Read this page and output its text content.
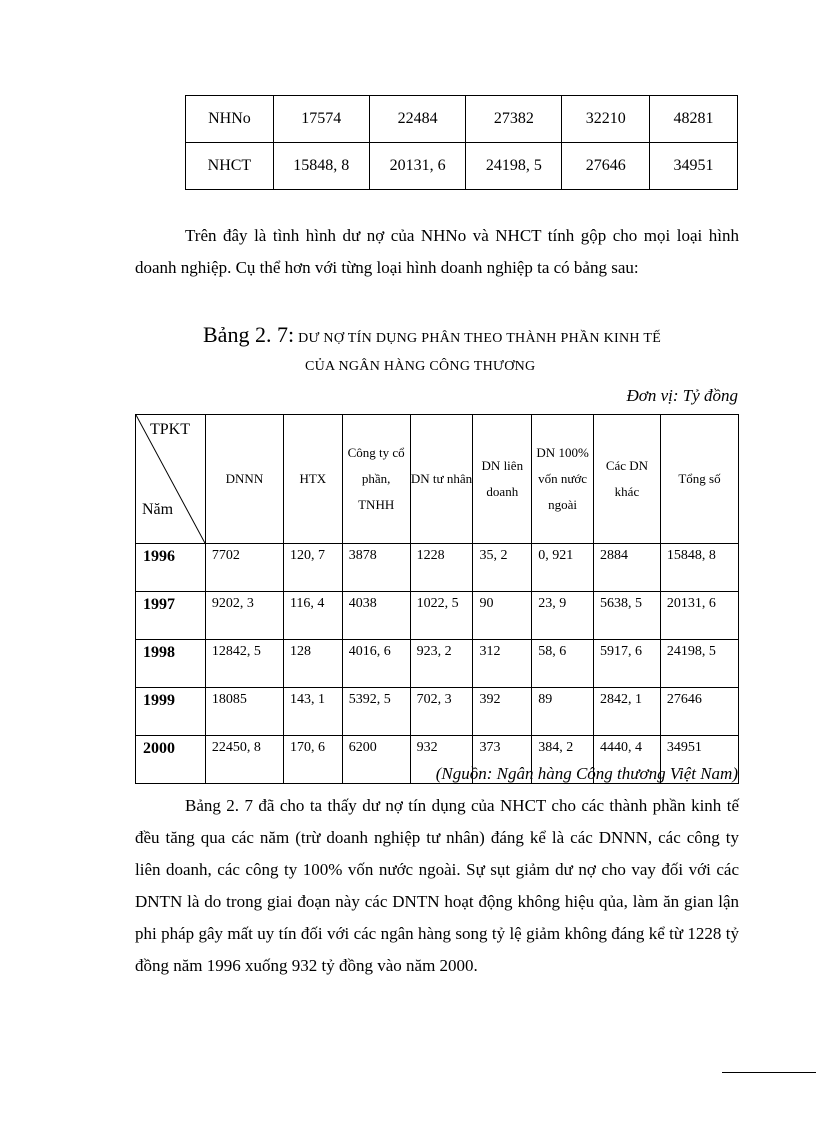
NHNo	17574	22484	27382	32210	48281
NHCT	15848, 8	20131, 6	24198, 5	27646	34951

Trên đây là tình hình dư nợ của NHNo và NHCT tính gộp cho mọi loại hình doanh nghiệp. Cụ thể hơn với từng loại hình doanh nghiệp ta có bảng sau:

Bảng 2. 7: DƯ NỢ TÍN DỤNG PHÂN THEO THÀNH PHẦN KINH TẾ
CỦA NGÂN HÀNG CÔNG THƯƠNG
Đơn vị: Tỷ đồng
TPKT
Năm	DNNN	HTX	Công ty cổ phần, TNHH	DN tư nhân	DN liên doanh	DN 100% vốn nước ngoài	Các DN khác	Tổng số
1996	7702	120, 7	3878	1228	35, 2	0, 921	2884	15848, 8
1997	9202, 3	116, 4	4038	1022, 5	90	23, 9	5638, 5	20131, 6
1998	12842, 5	128	4016, 6	923, 2	312	58, 6	5917, 6	24198, 5
1999	18085	143, 1	5392, 5	702, 3	392	89	2842, 1	27646
2000	22450, 8	170, 6	6200	932	373	384, 2	4440, 4	34951
(Nguồn: Ngân hàng Công thương Việt Nam)

Bảng 2. 7 đã cho ta thấy dư nợ tín dụng của NHCT cho các thành phần kinh tế đều tăng qua các năm (trừ doanh nghiệp tư nhân) đáng kể là các DNNN, các công ty liên doanh, các công ty 100% vốn nước ngoài. Sự sụt giảm dư nợ cho vay đối với các DNTN là do trong giai đoạn này các DNTN hoạt động không hiệu qủa, làm ăn gian lận phi pháp gây mất uy tín đối với các ngân hàng song tỷ lệ giảm không đáng kể từ 1228 tỷ đồng năm 1996 xuống 932 tỷ đồng vào năm 2000.
